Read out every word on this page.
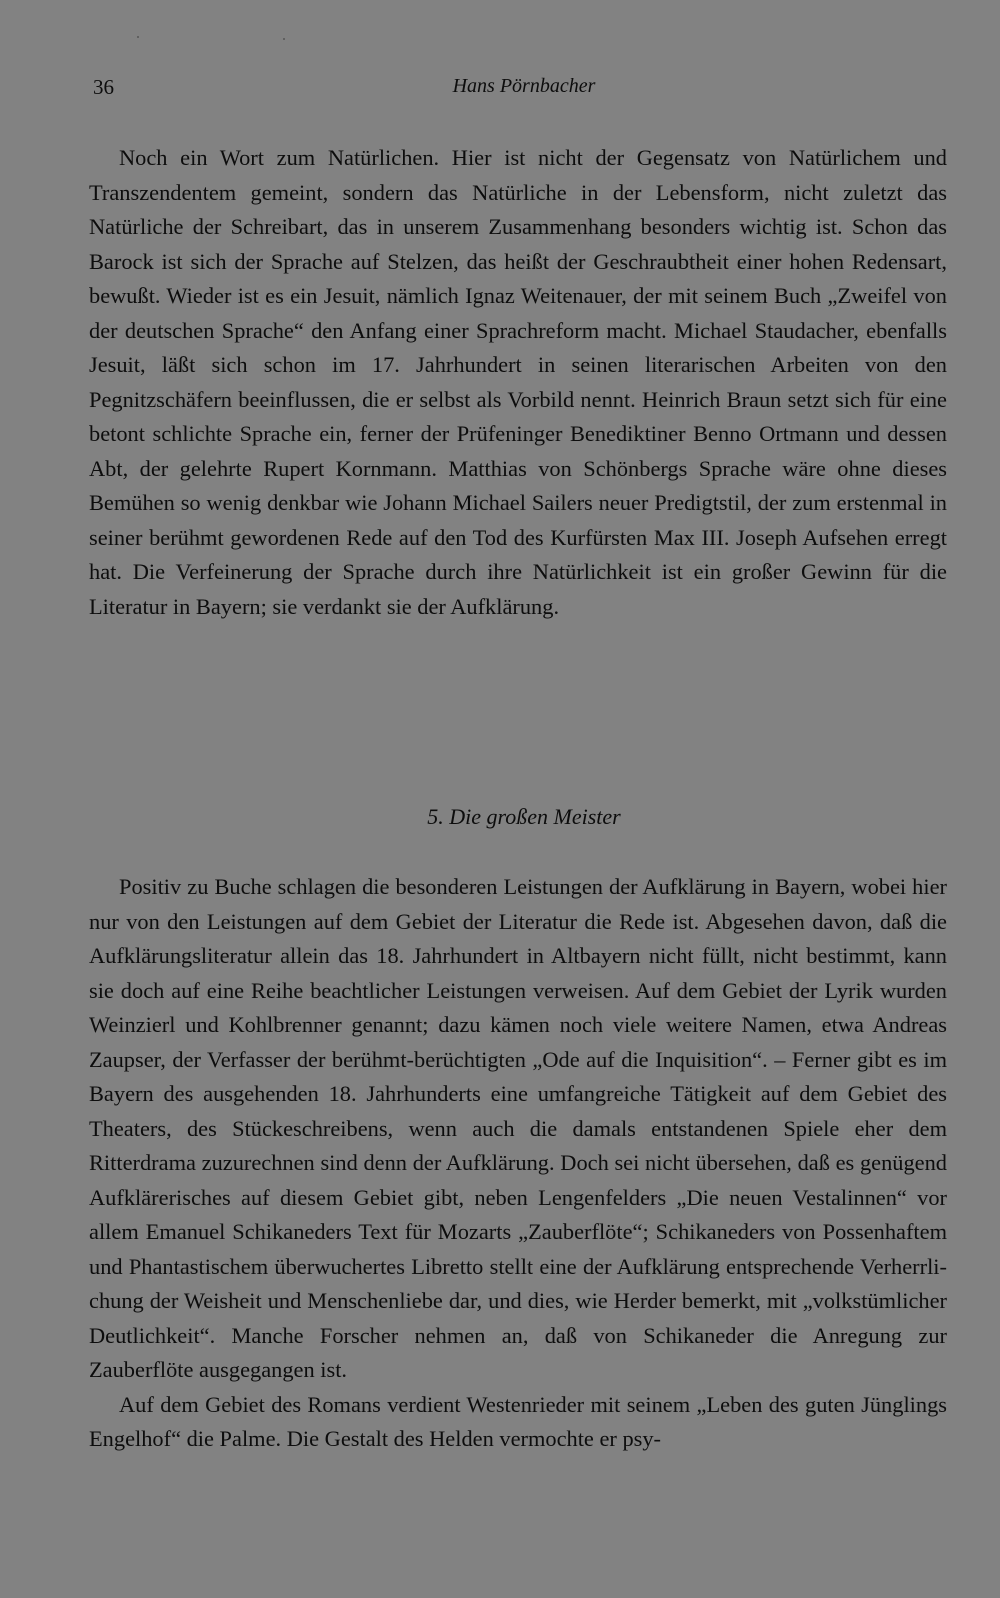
36	Hans Pörnbacher

Noch ein Wort zum Natürlichen. Hier ist nicht der Gegensatz von Natürlichem und Transzendentem gemeint, sondern das Natürliche in der Lebensform, nicht zuletzt das Natürliche der Schreibart, das in unserem Zusammenhang besonders wichtig ist. Schon das Barock ist sich der Sprache auf Stelzen, das heißt der Geschraubtheit einer hohen Redensart, bewußt. Wieder ist es ein Jesuit, nämlich Ignaz Weitenauer, der mit seinem Buch „Zweifel von der deutschen Sprache“ den Anfang einer Sprachreform macht. Michael Staudacher, ebenfalls Jesuit, läßt sich schon im 17. Jahrhundert in seinen literarischen Arbeiten von den Pegnitzschäfern beeinflussen, die er selbst als Vorbild nennt. Heinrich Braun setzt sich für eine betont schlichte Sprache ein, ferner der Prüfeninger Benediktiner Benno Ortmann und dessen Abt, der gelehrte Rupert Kornmann. Matthias von Schönbergs Sprache wäre ohne dieses Bemühen so wenig denkbar wie Johann Michael Sailers neuer Predigtstil, der zum erstenmal in seiner berühmt gewordenen Rede auf den Tod des Kurfürsten Max III. Joseph Aufsehen erregt hat. Die Verfeinerung der Sprache durch ihre Natürlichkeit ist ein großer Gewinn für die Literatur in Bayern; sie verdankt sie der Aufklärung.

5. Die großen Meister

Positiv zu Buche schlagen die besonderen Leistungen der Aufklärung in Bayern, wobei hier nur von den Leistungen auf dem Gebiet der Literatur die Rede ist. Abgesehen davon, daß die Aufklärungsliteratur allein das 18. Jahrhundert in Altbayern nicht füllt, nicht bestimmt, kann sie doch auf eine Reihe beachtlicher Leistungen verweisen. Auf dem Gebiet der Lyrik wurden Weinzierl und Kohlbrenner genannt; dazu kämen noch viele weitere Namen, etwa Andreas Zaupser, der Verfasser der berühmt-berüchtigten „Ode auf die Inquisition“. – Ferner gibt es im Bayern des ausgehenden 18. Jahrhunderts eine umfangreiche Tätigkeit auf dem Gebiet des Theaters, des Stückeschreibens, wenn auch die damals entstandenen Spiele eher dem Ritterdrama zuzurechnen sind denn der Aufklärung. Doch sei nicht übersehen, daß es genügend Aufklärerisches auf diesem Gebiet gibt, neben Lengenfelders „Die neuen Vestalinnen“ vor allem Emanuel Schikaneders Text für Mozarts „Zauberflöte“; Schikaneders von Possenhaftem und Phantastischem überwuchertes Libretto stellt eine der Aufklärung entsprechende Verherrlichung der Weisheit und Menschenliebe dar, und dies, wie Herder bemerkt, mit „volkstümlicher Deutlichkeit“. Manche Forscher nehmen an, daß von Schikaneder die Anregung zur Zauberflöte ausgegangen ist.

Auf dem Gebiet des Romans verdient Westenrieder mit seinem „Leben des guten Jünglings Engelhof“ die Palme. Die Gestalt des Helden vermochte er psy-
